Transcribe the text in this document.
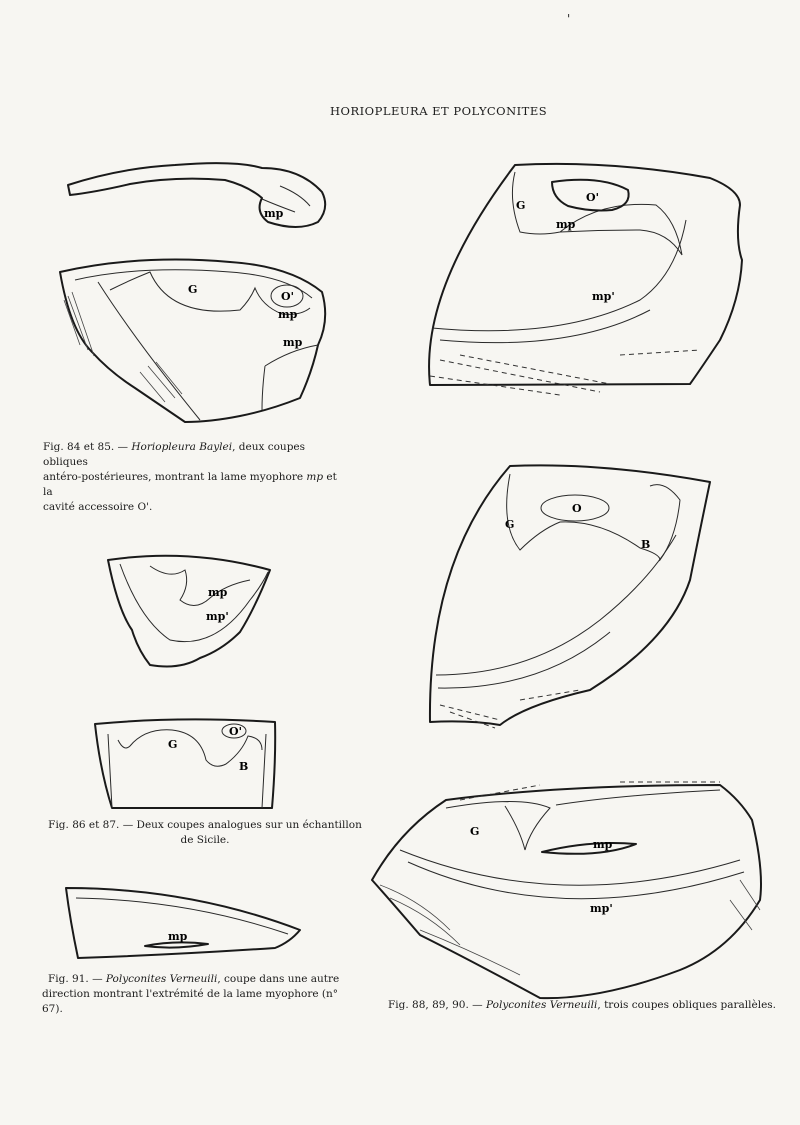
'
HORIOPLEURA ET POLYCONITES
mp
G
O'
mp
mp
mp
mp'
G
O'
B
mp
G
O'
mp
mp'
G
O
B
G
mp
mp'
Fig. 84 et 85. — Horiopleura Baylei, deux coupes obliques
antéro-postérieures, montrant la lame myophore mp et la
cavité accessoire O'.
Fig. 86 et 87. — Deux coupes analogues sur un échantillon
de Sicile.
Fig. 91. — Polyconites Verneuili, coupe dans une autre
direction montrant l'extrémité de la lame myophore (n° 67).	Fig. 88, 89, 90. — Polyconites Verneuili, trois coupes obliques parallèles.
